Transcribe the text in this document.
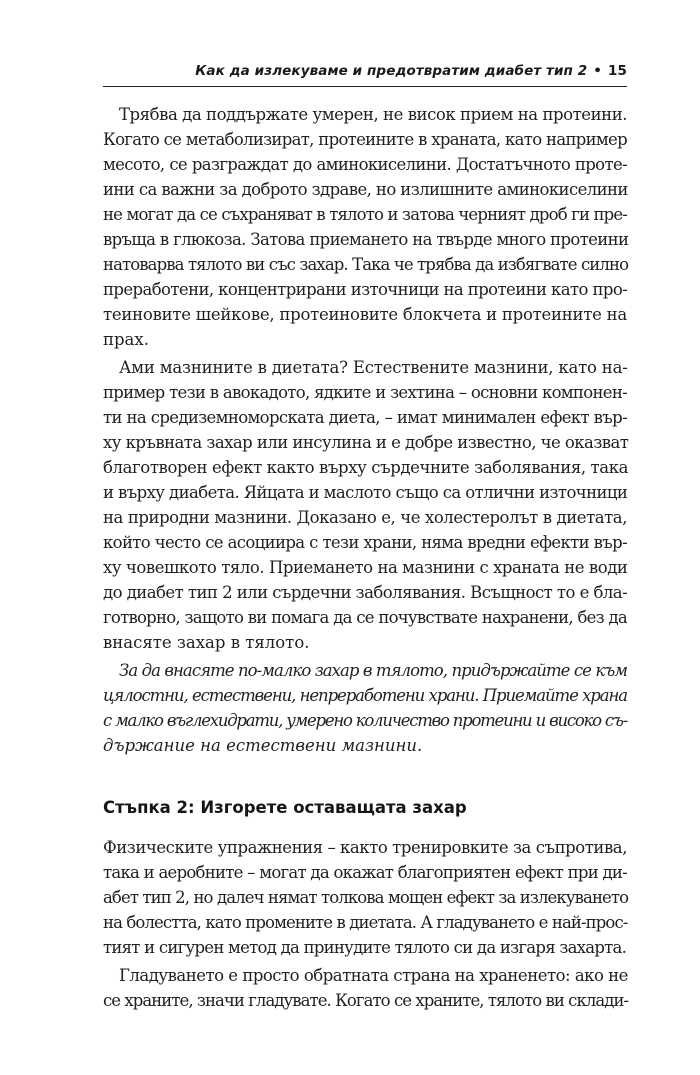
Как да излекуваме и предотвратим диабет тип 2 • 15
Трябва да поддържате умерен, не висок прием на протеини.
Когато се метаболизират, протеините в храната, като например
месото, се разграждат до аминокиселини. Достатъчното проте-
ини са важни за доброто здраве, но излишните аминокиселини
не могат да се съхраняват в тялото и затова черният дроб ги пре-
връща в глюкоза. Затова приемането на твърде много протеини
натоварва тялото ви със захар. Така че трябва да избягвате силно
преработени, концентрирани източници на протеини като про-
теиновите шейкове, протеиновите блокчета и протеините на
прах.
Ами мазнините в диетата? Естествените мазнини, като на-
пример тези в авокадото, ядките и зехтина – основни компонен-
ти на средиземноморската диета, – имат минимален ефект вър-
ху кръвната захар или инсулина и е добре известно, че оказват
благотворен ефект както върху сърдечните заболявания, така
и върху диабета. Яйцата и маслото също са отлични източници
на природни мазнини. Доказано е, че холестеролът в диетата,
който често се асоциира с тези храни, няма вредни ефекти вър-
ху човешкото тяло. Приемането на мазнини с храната не води
до диабет тип 2 или сърдечни заболявания. Всъщност то е бла-
готворно, защото ви помага да се почувствате нахранени, без да
внасяте захар в тялото.
За да внасяте по-малко захар в тялото, придържайте се към
цялостни, естествени, непреработени храни. Приемайте храна
с малко въглехидрати, умерено количество протеини и високо съ-
държание на естествени мазнини.
Стъпка 2: Изгорете оставащата захар
Физическите упражнения – както тренировките за съпротива,
така и аеробните – могат да окажат благоприятен ефект при ди-
абет тип 2, но далеч нямат толкова мощен ефект за излекуването
на болестта, като промените в диетата. А гладуването е най-прос-
тият и сигурен метод да принудите тялото си да изгаря захарта.
Гладуването е просто обратната страна на храненето: ако не
се храните, значи гладувате. Когато се храните, тялото ви склади-
